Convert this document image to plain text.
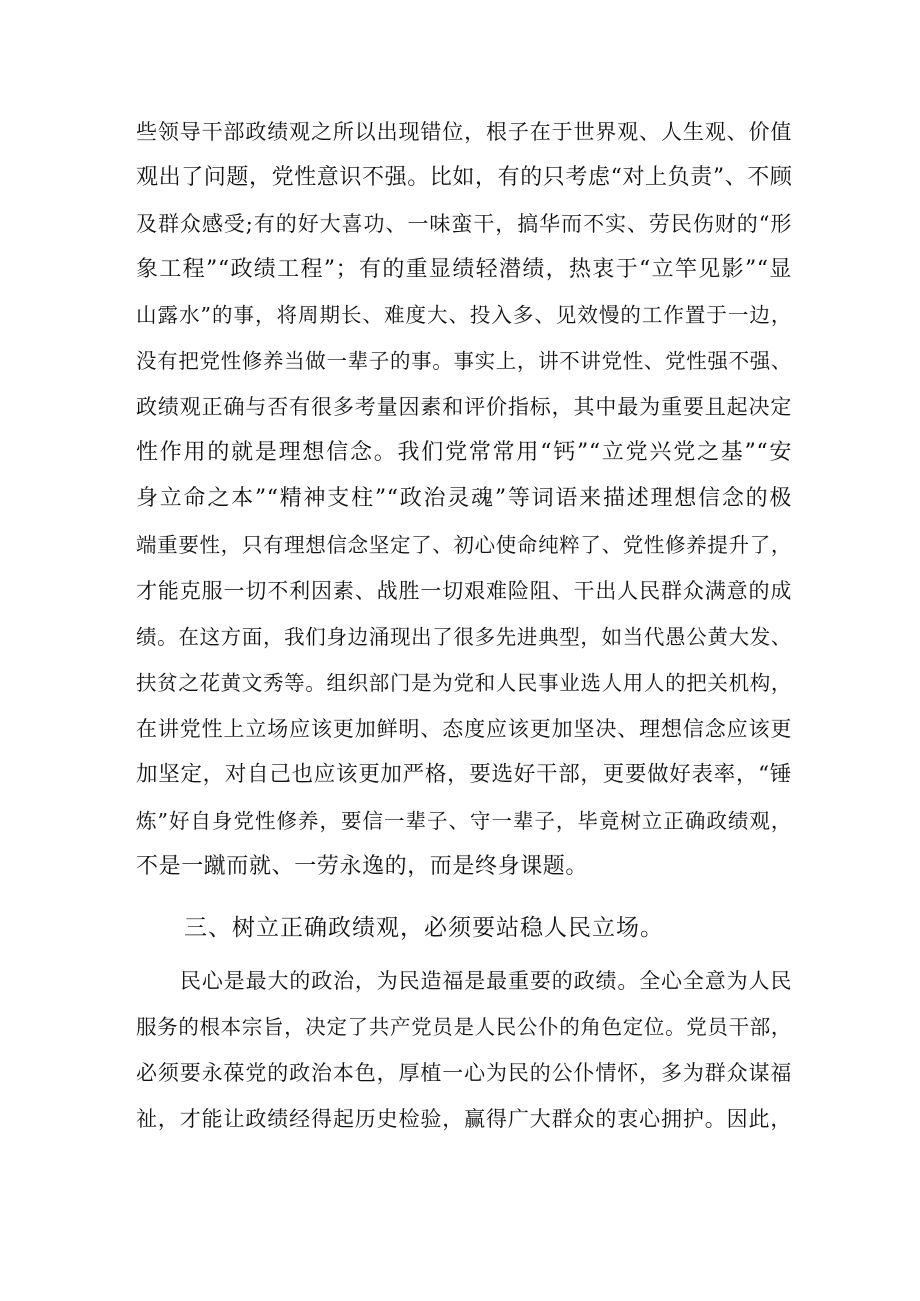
些领导干部政绩观之所以出现错位，根子在于世界观、人生观、价值
观出了问题，党性意识不强。比如，有的只考虑“对上负责”、不顾
及群众感受;有的好大喜功、一味蛮干，搞华而不实、劳民伤财的“形
象工程”“政绩工程”；有的重显绩轻潜绩，热衷于“立竿见影”“显
山露水”的事，将周期长、难度大、投入多、见效慢的工作置于一边，
没有把党性修养当做一辈子的事。事实上，讲不讲党性、党性强不强、
政绩观正确与否有很多考量因素和评价指标，其中最为重要且起决定
性作用的就是理想信念。我们党常常用“钙”“立党兴党之基”“安
身立命之本”“精神支柱”“政治灵魂”等词语来描述理想信念的极
端重要性，只有理想信念坚定了、初心使命纯粹了、党性修养提升了，
才能克服一切不利因素、战胜一切艰难险阻、干出人民群众满意的成
绩。在这方面，我们身边涌现出了很多先进典型，如当代愚公黄大发、
扶贫之花黄文秀等。组织部门是为党和人民事业选人用人的把关机构，
在讲党性上立场应该更加鲜明、态度应该更加坚决、理想信念应该更
加坚定，对自己也应该更加严格，要选好干部，更要做好表率，“锤
炼”好自身党性修养，要信一辈子、守一辈子，毕竟树立正确政绩观，
不是一蹴而就、一劳永逸的，而是终身课题。
三、树立正确政绩观，必须要站稳人民立场。
民心是最大的政治，为民造福是最重要的政绩。全心全意为人民
服务的根本宗旨，决定了共产党员是人民公仆的角色定位。党员干部，
必须要永葆党的政治本色，厚植一心为民的公仆情怀，多为群众谋福
祉，才能让政绩经得起历史检验，赢得广大群众的衷心拥护。因此，
